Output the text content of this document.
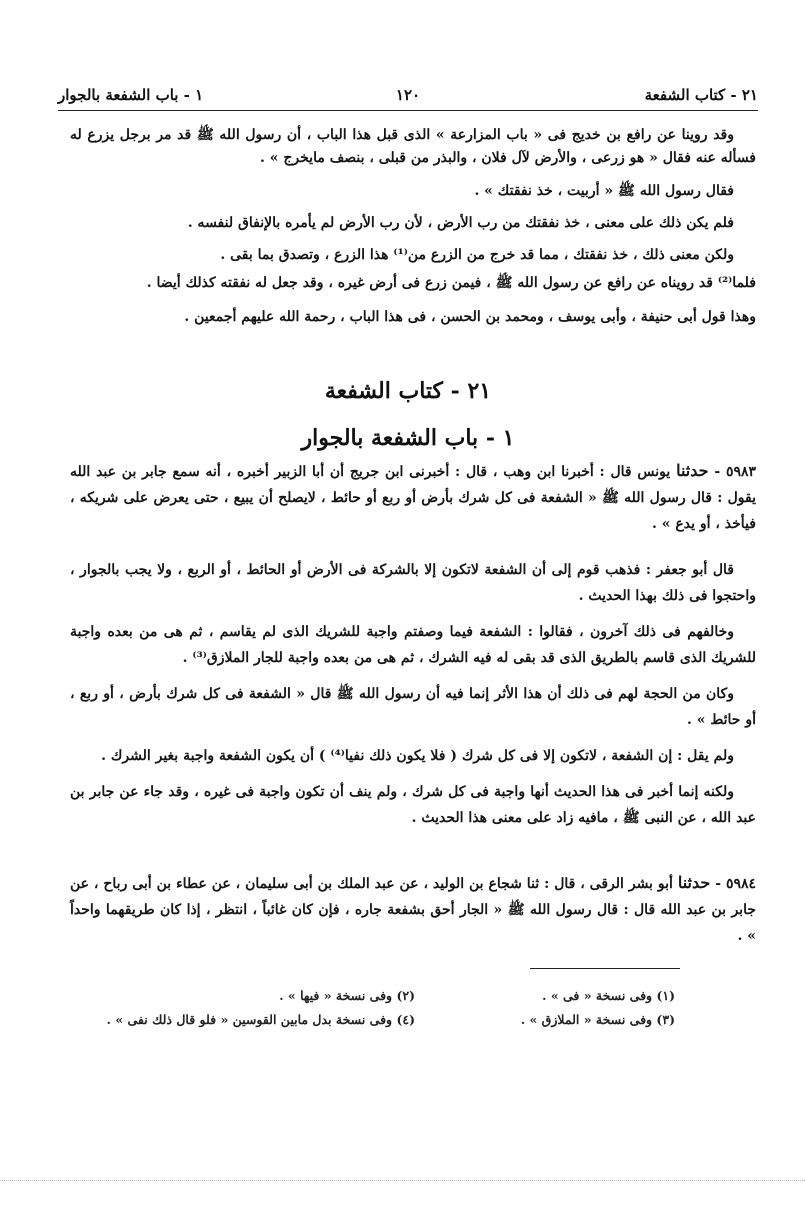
٢١ - كتاب الشفعة
١٢٠
١ - باب الشفعة بالجوار

وقد روينا عن رافع بن خديج فى « باب المزارعة » الذى قبل هذا الباب ، أن رسول الله ﷺ قد مر برجل يزرع له فسأله عنه فقال « هو زرعى ، والأرض لآل فلان ، والبذر من قبلى ، بنصف مايخرج » .

فقال رسول الله ﷺ « أربيت ، خذ نفقتك » .

فلم يكن ذلك على معنى ، خذ نفقتك من رب الأرض ، لأن رب الأرض لم يأمره بالإنفاق لنفسه .

ولكن معنى ذلك ، خذ نفقتك ، مما قد خرج من الزرع من⁽¹⁾ هذا الزرع ، وتصدق بما بقى .

فلما⁽²⁾ قد رويناه عن رافع عن رسول الله ﷺ ، فيمن زرع فى أرض غيره ، وقد جعل له نفقته كذلك أيضا .

وهذا قول أبى حنيفة ، وأبى يوسف ، ومحمد بن الحسن ، فى هذا الباب ، رحمة الله عليهم أجمعين .

٢١ - كتاب الشفعة
١ - باب الشفعة بالجوار

٥٩٨٣ - حدثنا يونس قال : أخبرنا ابن وهب ، قال : أخبرنى ابن جريج أن أبا الزبير أخبره ، أنه سمع جابر بن عبد الله يقول : قال رسول الله ﷺ « الشفعة فى كل شرك بأرض أو ربع أو حائط ، لايصلح أن يبيع ، حتى يعرض على شريكه ، فيأخذ ، أو يدع » .

قال أبو جعفر : فذهب قوم إلى أن الشفعة لاتكون إلا بالشركة فى الأرض أو الحائط ، أو الربع ، ولا يجب بالجوار ، واحتجوا فى ذلك بهذا الحديث .

وخالفهم فى ذلك آخرون ، فقالوا : الشفعة فيما وصفتم واجبة للشريك الذى لم يقاسم ، ثم هى من بعده واجبة للشريك الذى قاسم بالطريق الذى قد بقى له فيه الشرك ، ثم هى من بعده واجبة للجار الملازق⁽³⁾ .

وكان من الحجة لهم فى ذلك أن هذا الأثر إنما فيه أن رسول الله ﷺ قال « الشفعة فى كل شرك بأرض ، أو ربع ، أو حائط » .

ولم يقل : إن الشفعة ، لاتكون إلا فى كل شرك ( فلا يكون ذلك نفيا⁽⁴⁾ ) أن يكون الشفعة واجبة بغير الشرك .

ولكنه إنما أخبر فى هذا الحديث أنها واجبة فى كل شرك ، ولم ينف أن تكون واجبة فى غيره ، وقد جاء عن جابر بن عبد الله ، عن النبى ﷺ ، مافيه زاد على معنى هذا الحديث .

٥٩٨٤ - حدثنا أبو بشر الرقى ، قال : ثنا شجاع بن الوليد ، عن عبد الملك بن أبى سليمان ، عن عطاء بن أبى رباح ، عن جابر بن عبد الله قال : قال رسول الله ﷺ « الجار أحق بشفعة جاره ، فإن كان غائباً ، انتظر ، إذا كان طريقهما واحداً » .

(١) وفى نسخة « فى » .
(٢) وفى نسخة « فيها » .
(٣) وفى نسخة « الملازق » .
(٤) وفى نسخة بدل مابين القوسين « فلو قال ذلك نفى » .
